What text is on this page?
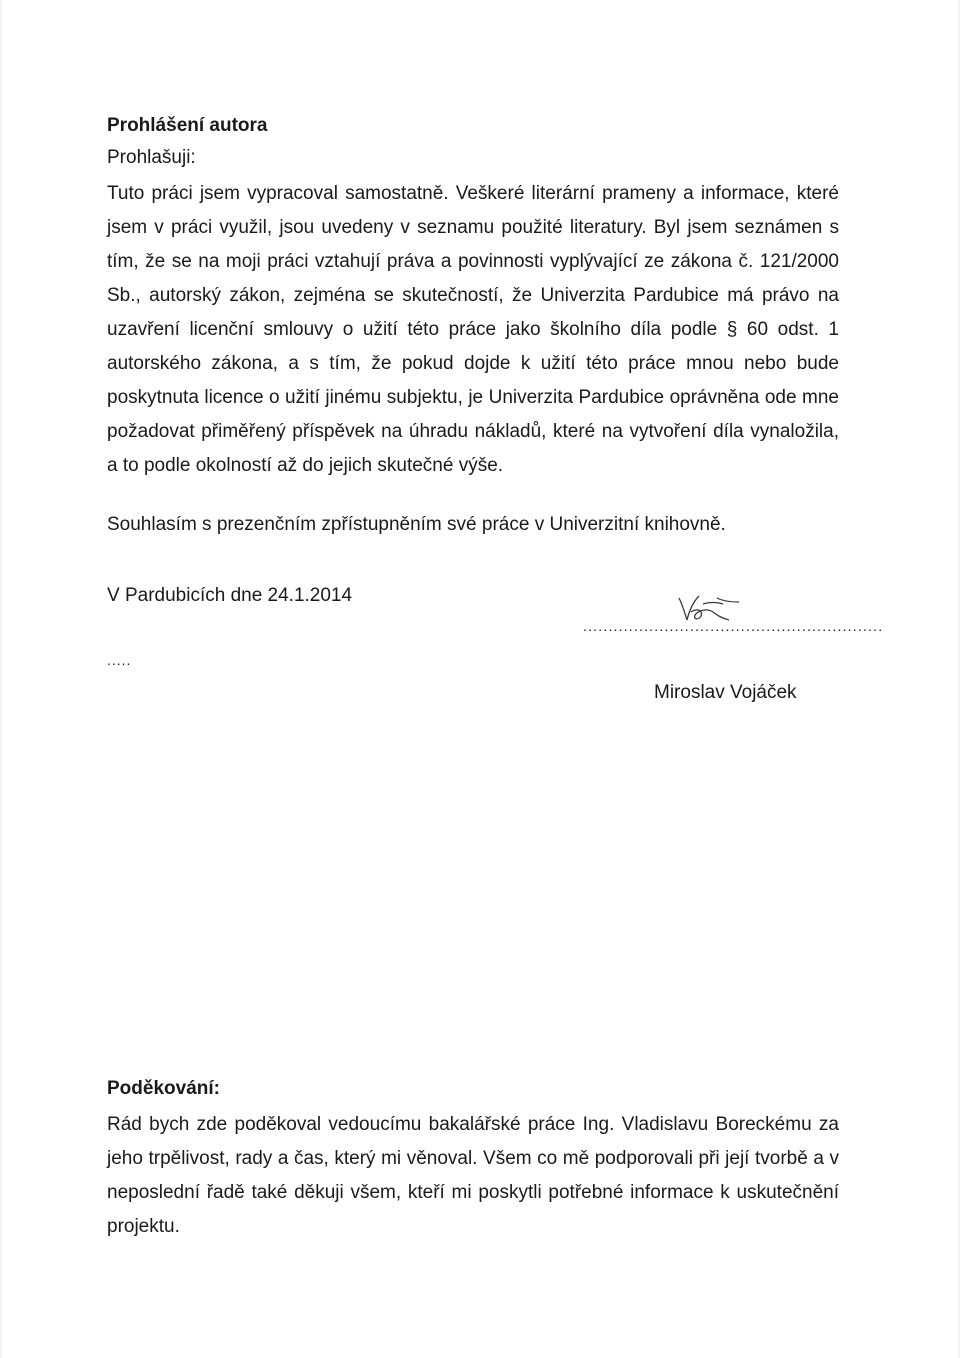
Prohlášení autora
Prohlašuji:
Tuto práci jsem vypracoval samostatně. Veškeré literární prameny a informace, které jsem v práci využil, jsou uvedeny v seznamu použité literatury. Byl jsem seznámen s tím, že se na moji práci vztahují práva a povinnosti vyplývající ze zákona č. 121/2000 Sb., autorský zákon, zejména se skutečností, že Univerzita Pardubice má právo na uzavření licenční smlouvy o užití této práce jako školního díla podle § 60 odst. 1 autorského zákona, a s tím, že pokud dojde k užití této práce mnou nebo bude poskytnuta licence o užití jinému subjektu, je Univerzita Pardubice oprávněna ode mne požadovat přiměřený příspěvek na úhradu nákladů, které na vytvoření díla vynaložila, a to podle okolností až do jejich skutečné výše.
Souhlasím s prezenčním zpřístupněním své práce v Univerzitní knihovně.
V Pardubicích dne 24.1.2014
...........................................................
.....
Miroslav Vojáček
Poděkování:
Rád bych zde poděkoval vedoucímu bakalářské práce Ing. Vladislavu Boreckému za jeho trpělivost, rady a čas, který mi věnoval. Všem co mě podporovali při její tvorbě a v neposlední řadě také děkuji všem, kteří mi poskytli potřebné informace k uskutečnění projektu.
